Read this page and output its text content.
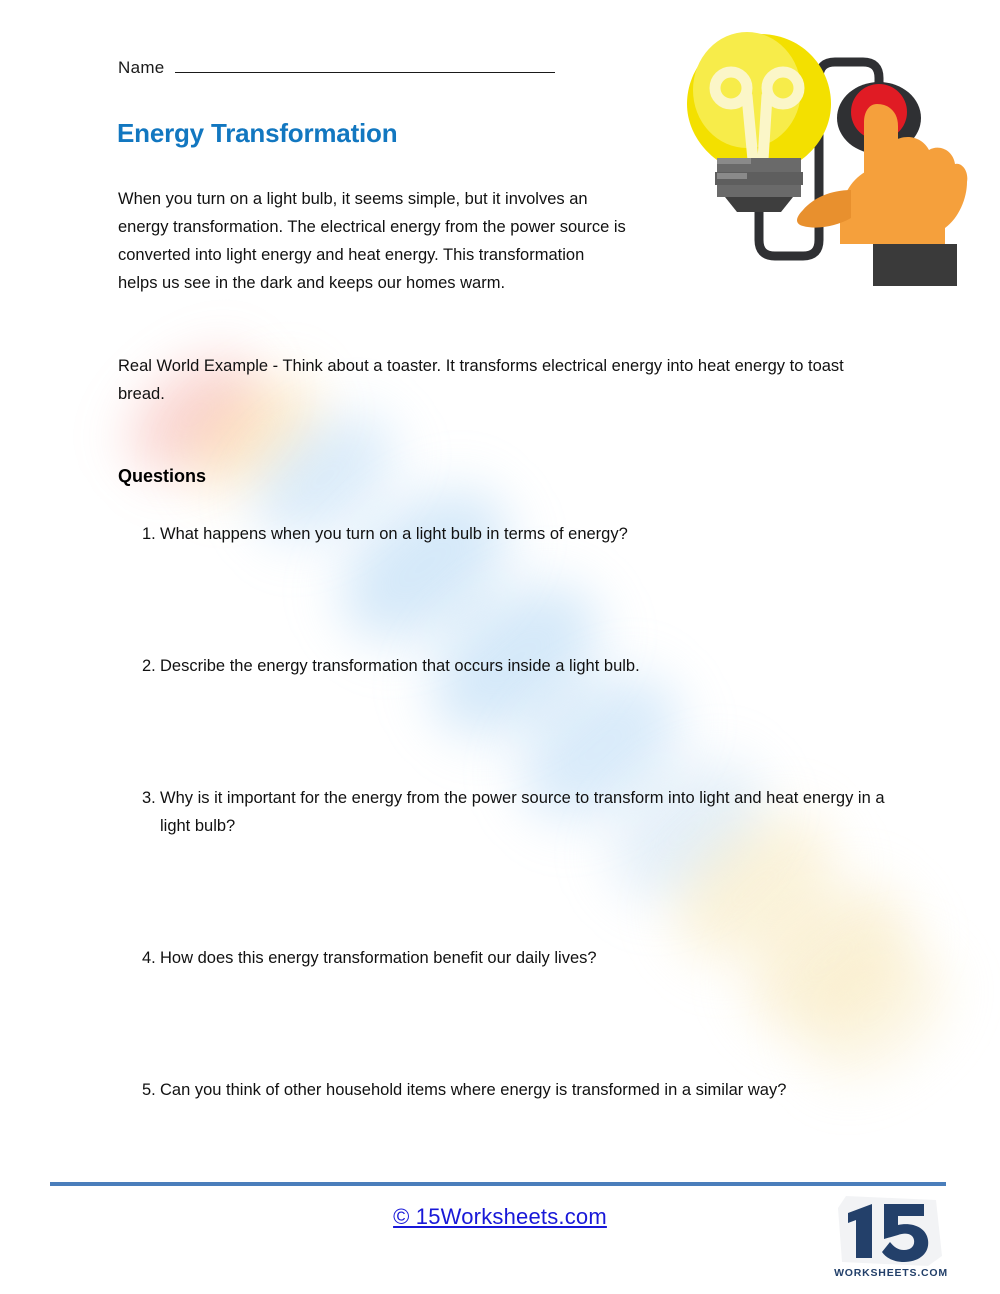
Name
Energy Transformation
When you turn on a light bulb, it seems simple, but it involves an energy transformation. The electrical energy from the power source is converted into light energy and heat energy. This transformation helps us see in the dark and keeps our homes warm.
Real World Example - Think about a toaster. It transforms electrical energy into heat energy to toast bread.
Questions
1. What happens when you turn on a light bulb in terms of energy?
2. Describe the energy transformation that occurs inside a light bulb.
3. Why is it important for the energy from the power source to transform into light and heat energy in a light bulb?
4. How does this energy transformation benefit our daily lives?
5. Can you think of other household items where energy is transformed in a similar way?
© 15Worksheets.com
WORKSHEETS.COM
